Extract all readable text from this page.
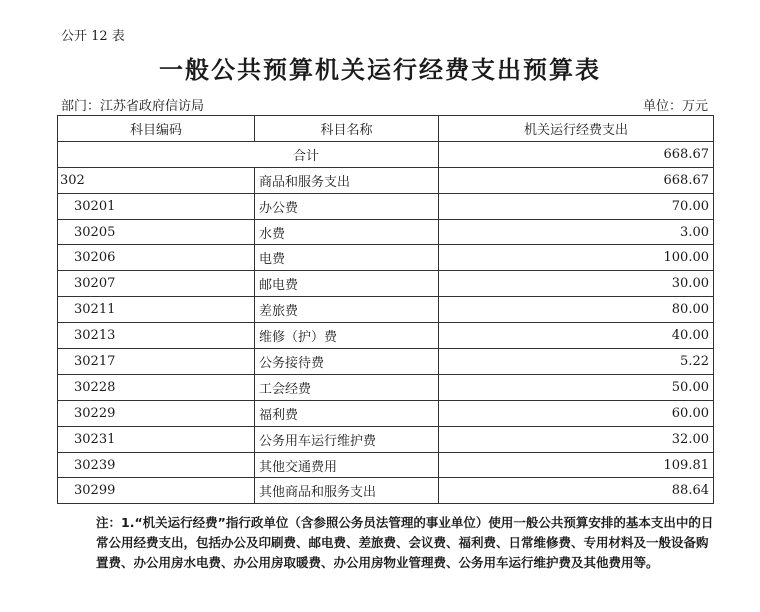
公开 12 表
一般公共预算机关运行经费支出预算表
部门：江苏省政府信访局	单位：万元
科目编码	科目名称	机关运行经费支出
合计		668.67
302	商品和服务支出	668.67
30201	办公费	70.00
30205	水费	3.00
30206	电费	100.00
30207	邮电费	30.00
30211	差旅费	80.00
30213	维修（护）费	40.00
30217	公务接待费	5.22
30228	工会经费	50.00
30229	福利费	60.00
30231	公务用车运行维护费	32.00
30239	其他交通费用	109.81
30299	其他商品和服务支出	88.64
注：1.“机关运行经费”指行政单位（含参照公务员法管理的事业单位）使用一般公共预算安排的基本支出中的日常公用经费支出，包括办公及印刷费、邮电费、差旅费、会议费、福利费、日常维修费、专用材料及一般设备购置费、办公用房水电费、办公用房取暖费、办公用房物业管理费、公务用车运行维护费及其他费用等。
